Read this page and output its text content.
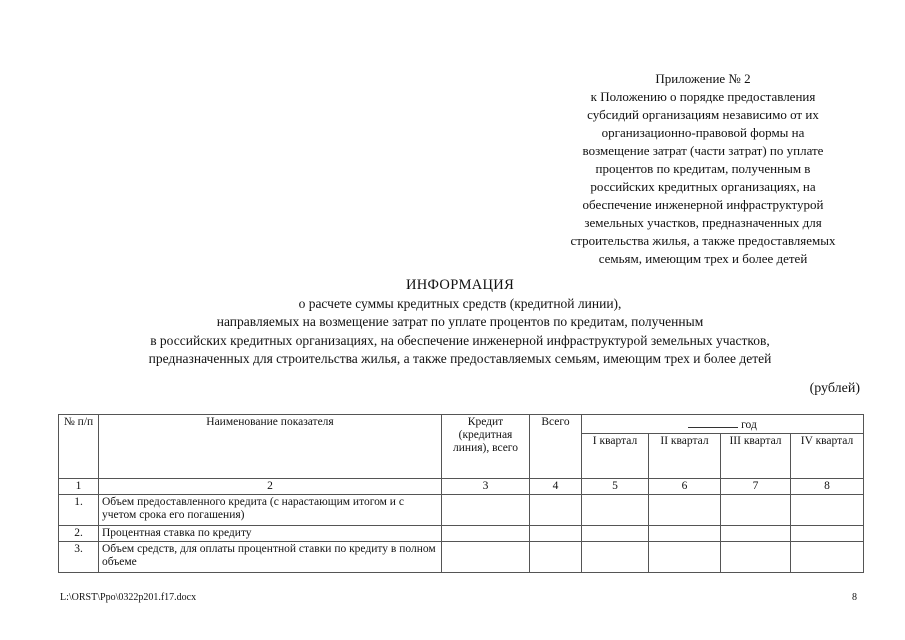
Приложение № 2
к Положению о порядке предоставления
субсидий организациям независимо от их
организационно-правовой формы на
возмещение затрат (части затрат) по уплате
процентов по кредитам, полученным в
российских кредитных организациях, на
обеспечение инженерной инфраструктурой
земельных участков, предназначенных для
строительства жилья, а также предоставляемых
семьям, имеющим трех и более детей
ИНФОРМАЦИЯ
о расчете суммы кредитных средств (кредитной линии),
направляемых на возмещение затрат по уплате процентов по кредитам, полученным
в российских кредитных организациях, на обеспечение инженерной инфраструктурой земельных участков,
предназначенных для строительства жилья, а также предоставляемых семьям, имеющим трех и более детей
(рублей)
№ п/п	Наименование показателя	Кредит (кредитная линия), всего	Всего	год			
				I квартал	II квартал	III квартал	IV квартал
1	2	3	4	5	6	7	8
1.	Объем предоставленного кредита (с нарастающим итогом и с учетом срока его погашения)						
2.	Процентная ставка по кредиту						
3.	Объем средств, для оплаты процентной ставки по кредиту в полном объеме						
L:\ORST\Ppo\0322p201.f17.docx	8
